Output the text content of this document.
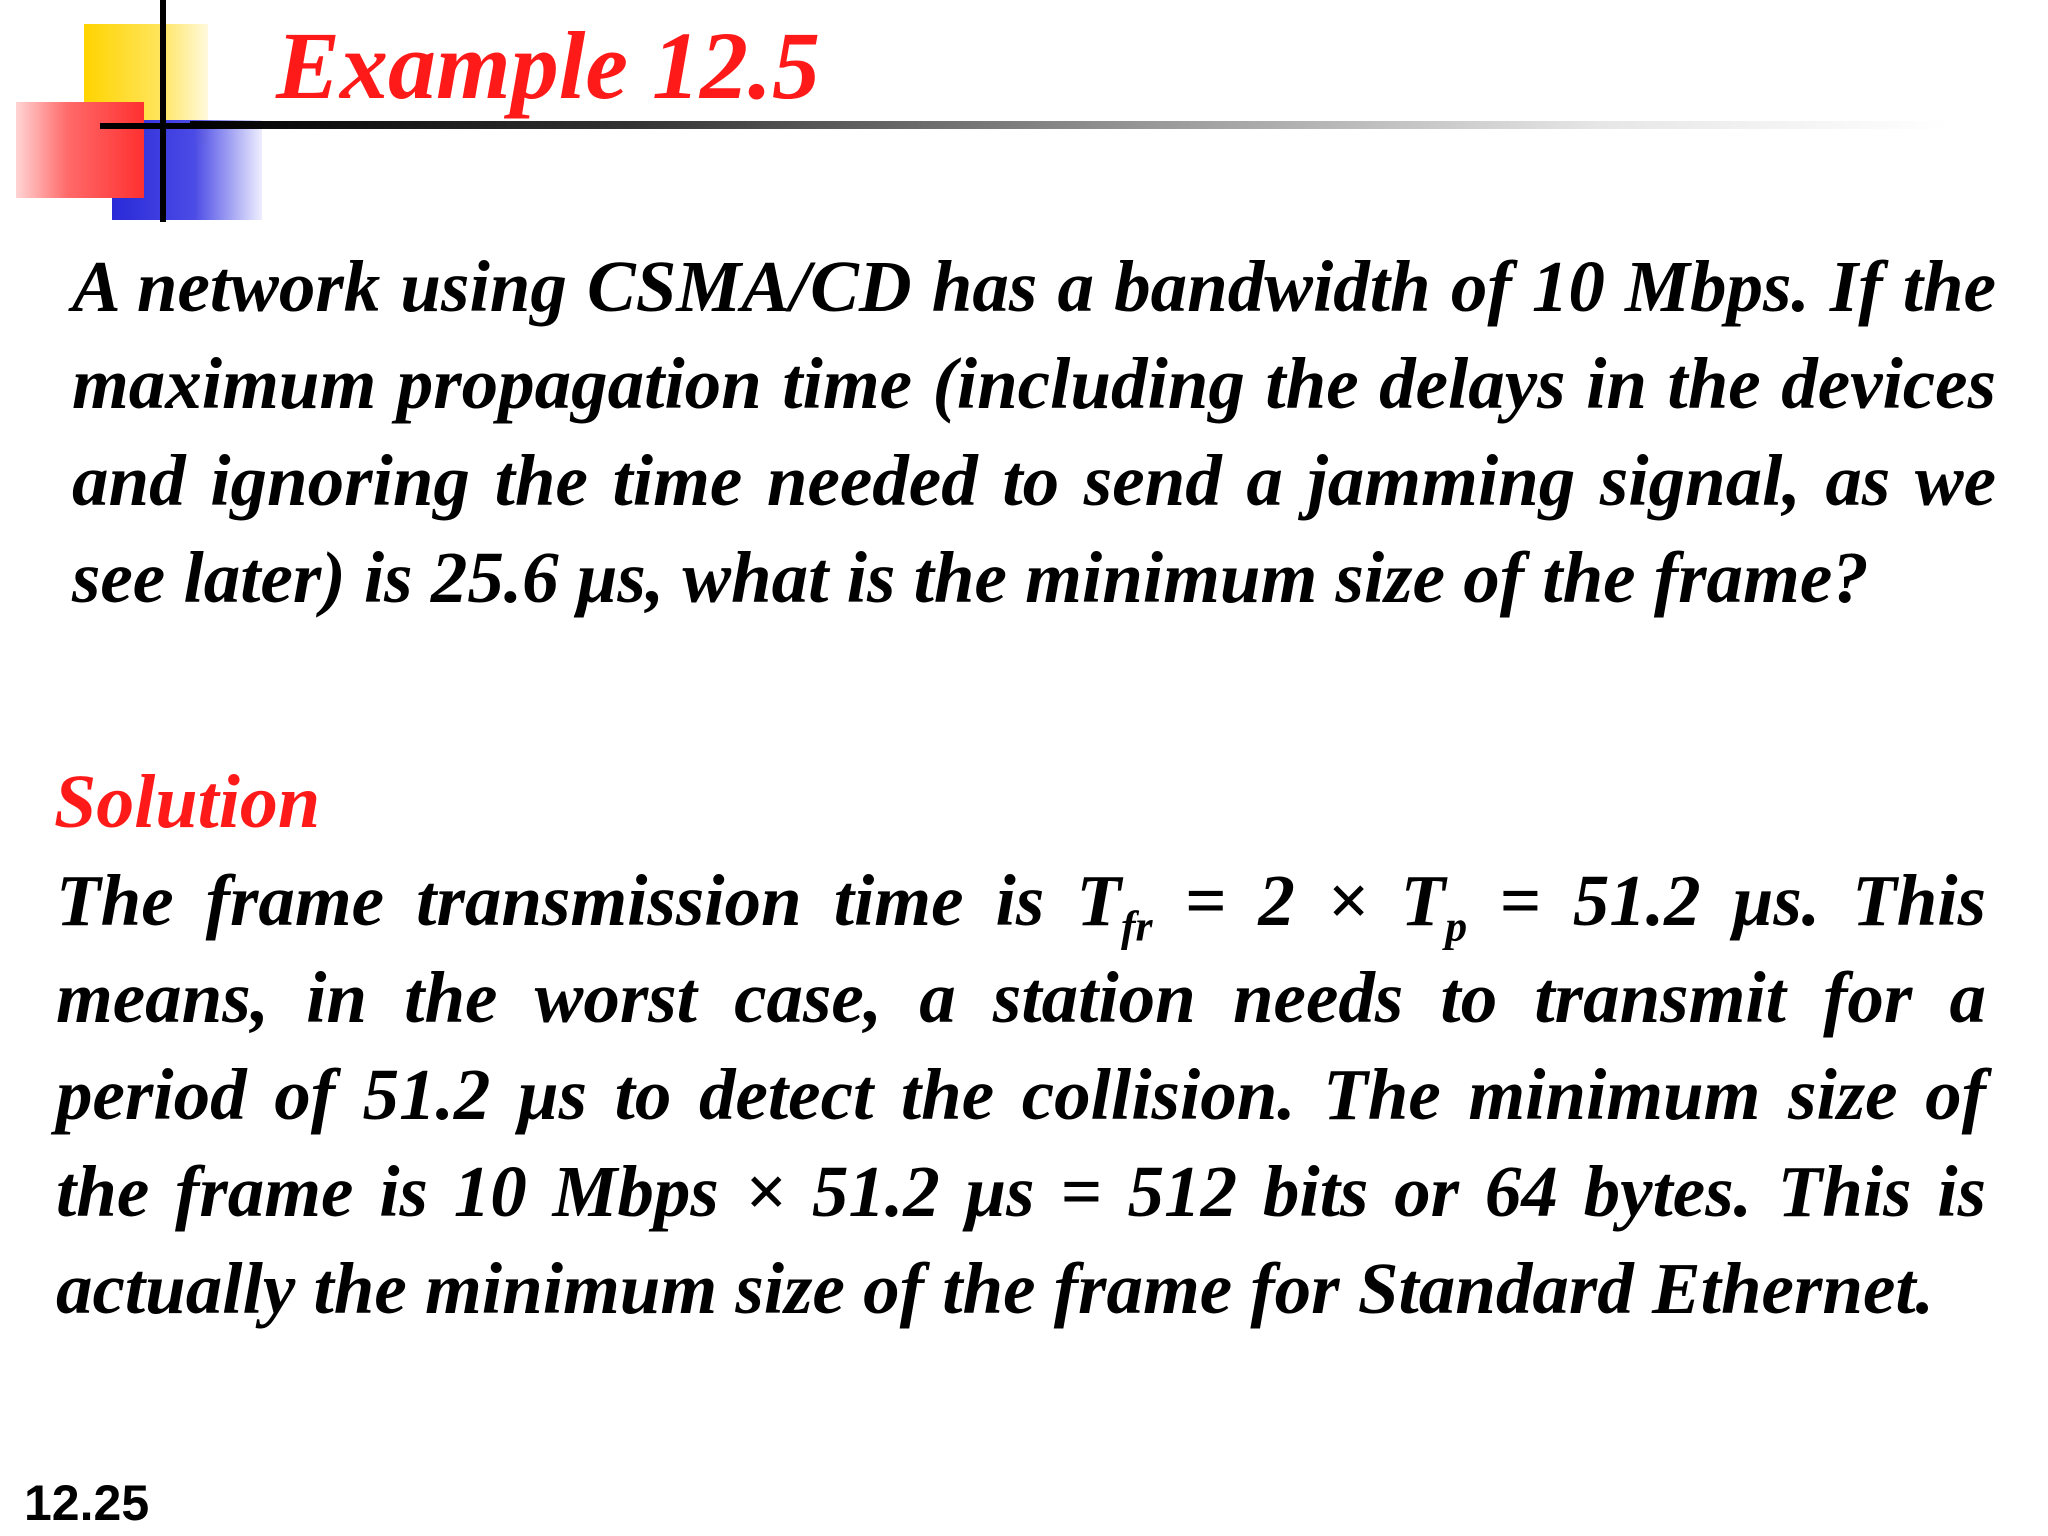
Example 12.5
A network using CSMA/CD has a bandwidth of 10 Mbps. If the maximum propagation time (including the delays in the devices and ignoring the time needed to send a jamming signal, as we see later) is 25.6 μs, what is the minimum size of the frame?
Solution
The frame transmission time is $T_{fr} = 2 \times T_p = 51.2$ μs. This means, in the worst case, a station needs to transmit for a period of 51.2 μs to detect the collision. The minimum size of the frame is 10 Mbps × 51.2 μs = 512 bits or 64 bytes. This is actually the minimum size of the frame for Standard Ethernet.
12.25
